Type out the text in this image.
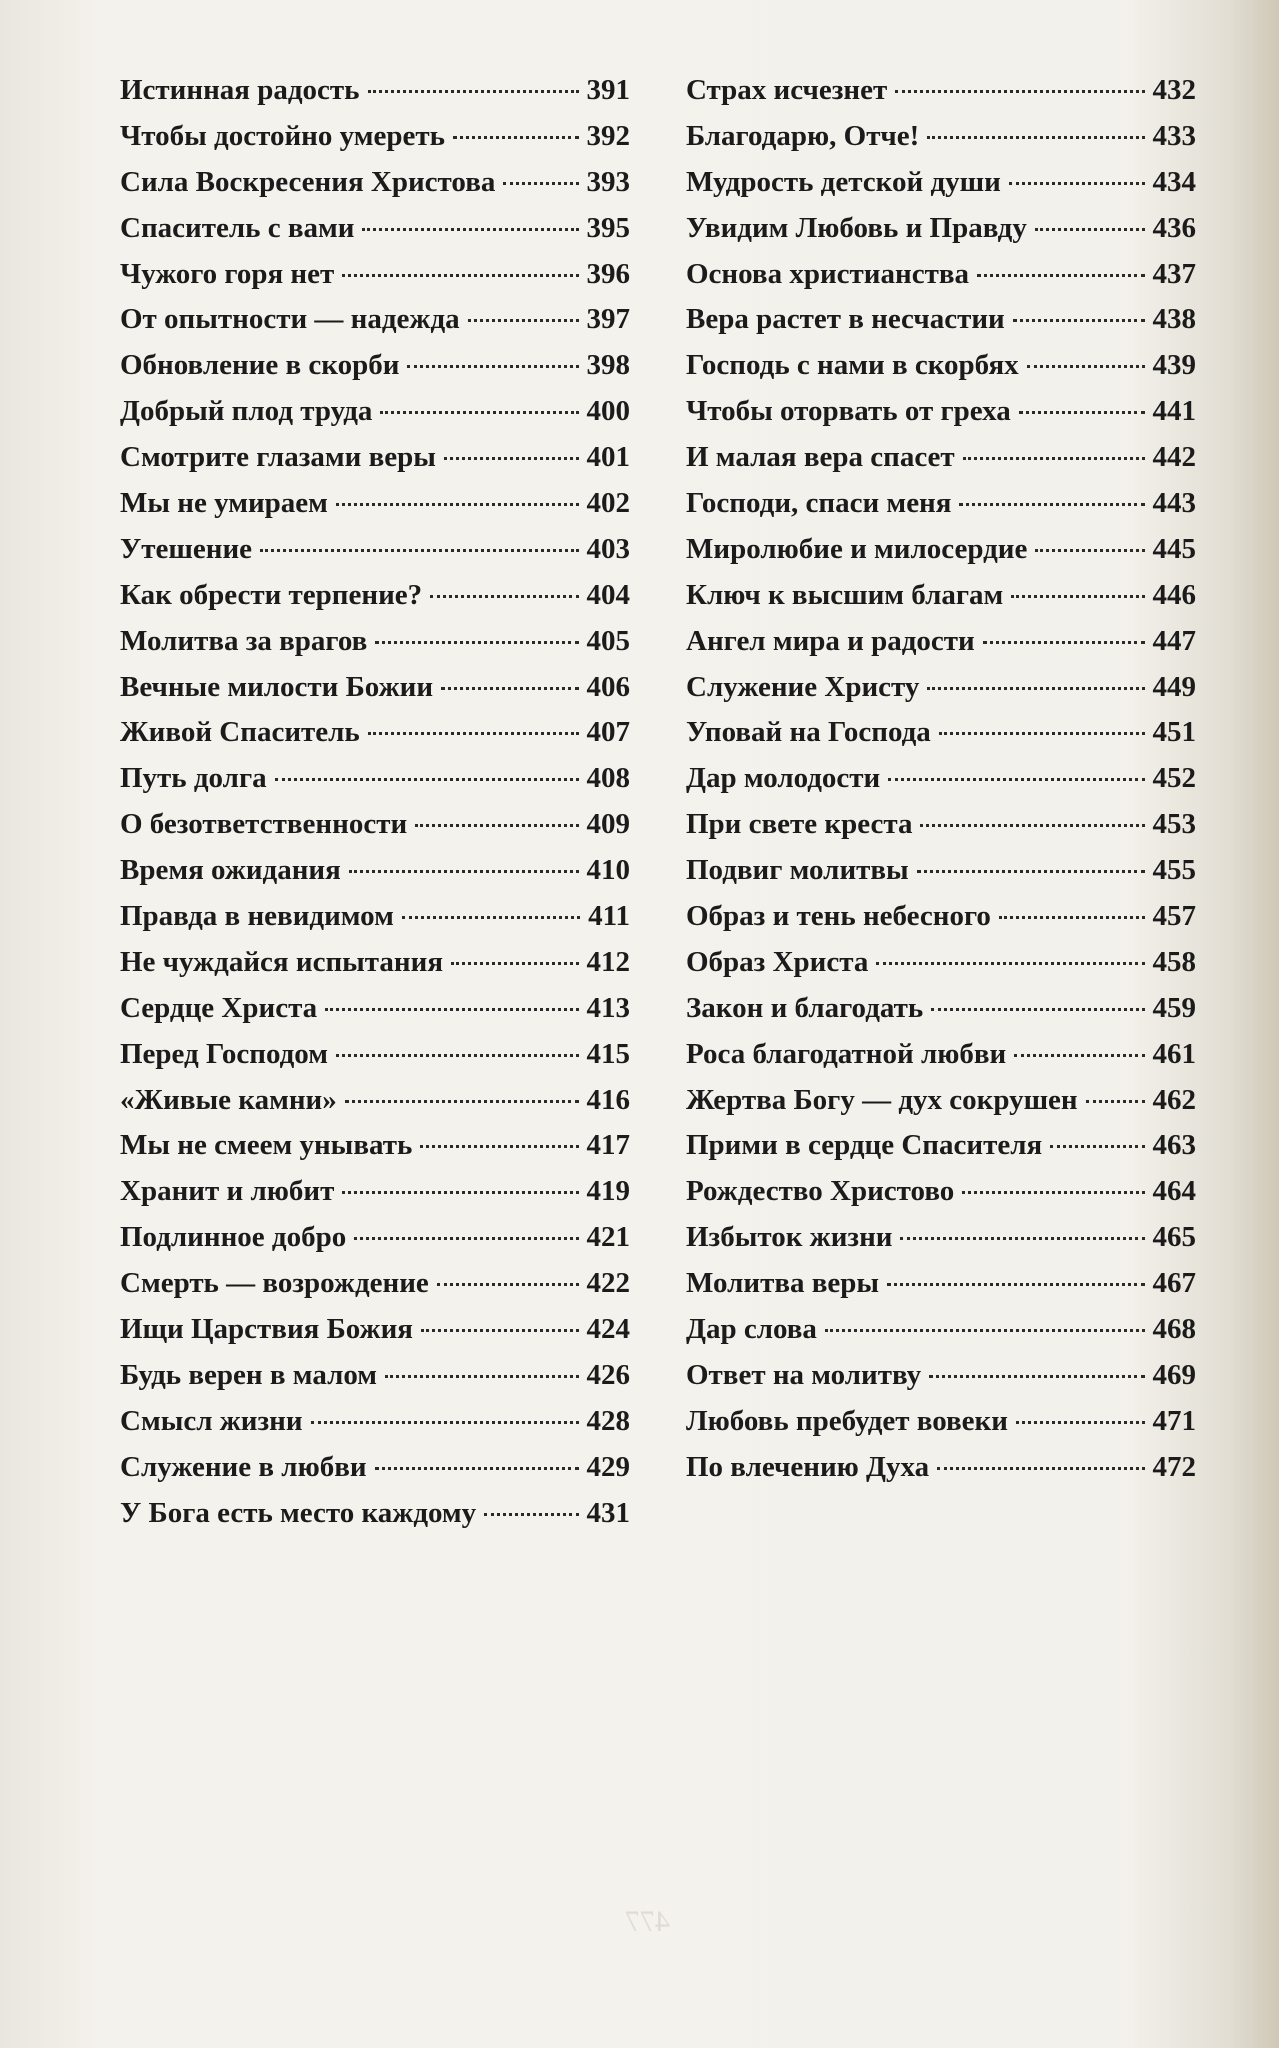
477
Истинная радость	391
Чтобы достойно умереть	392
Сила Воскресения Христова	393
Спаситель с вами	395
Чужого горя нет	396
От опытности — надежда	397
Обновление в скорби	398
Добрый плод труда	400
Смотрите глазами веры	401
Мы не умираем	402
Утешение	403
Как обрести терпение?	404
Молитва за врагов	405
Вечные милости Божии	406
Живой Спаситель	407
Путь долга	408
О безответственности	409
Время ожидания	410
Правда в невидимом	411
Не чуждайся испытания	412
Сердце Христа	413
Перед Господом	415
«Живые камни»	416
Мы не смеем унывать	417
Хранит и любит	419
Подлинное добро	421
Смерть — возрождение	422
Ищи Царствия Божия	424
Будь верен в малом	426
Смысл жизни	428
Служение в любви	429
У Бога есть место каждому	431
Страх исчезнет	432
Благодарю, Отче!	433
Мудрость детской души	434
Увидим Любовь и Правду	436
Основа христианства	437
Вера растет в несчастии	438
Господь с нами в скорбях	439
Чтобы оторвать от греха	441
И малая вера спасет	442
Господи, спаси меня	443
Миролюбие и милосердие	445
Ключ к высшим благам	446
Ангел мира и радости	447
Служение Христу	449
Уповай на Господа	451
Дар молодости	452
При свете креста	453
Подвиг молитвы	455
Образ и тень небесного	457
Образ Христа	458
Закон и благодать	459
Роса благодатной любви	461
Жертва Богу — дух сокрушен	462
Прими в сердце Спасителя	463
Рождество Христово	464
Избыток жизни	465
Молитва веры	467
Дар слова	468
Ответ на молитву	469
Любовь пребудет вовеки	471
По влечению Духа	472
